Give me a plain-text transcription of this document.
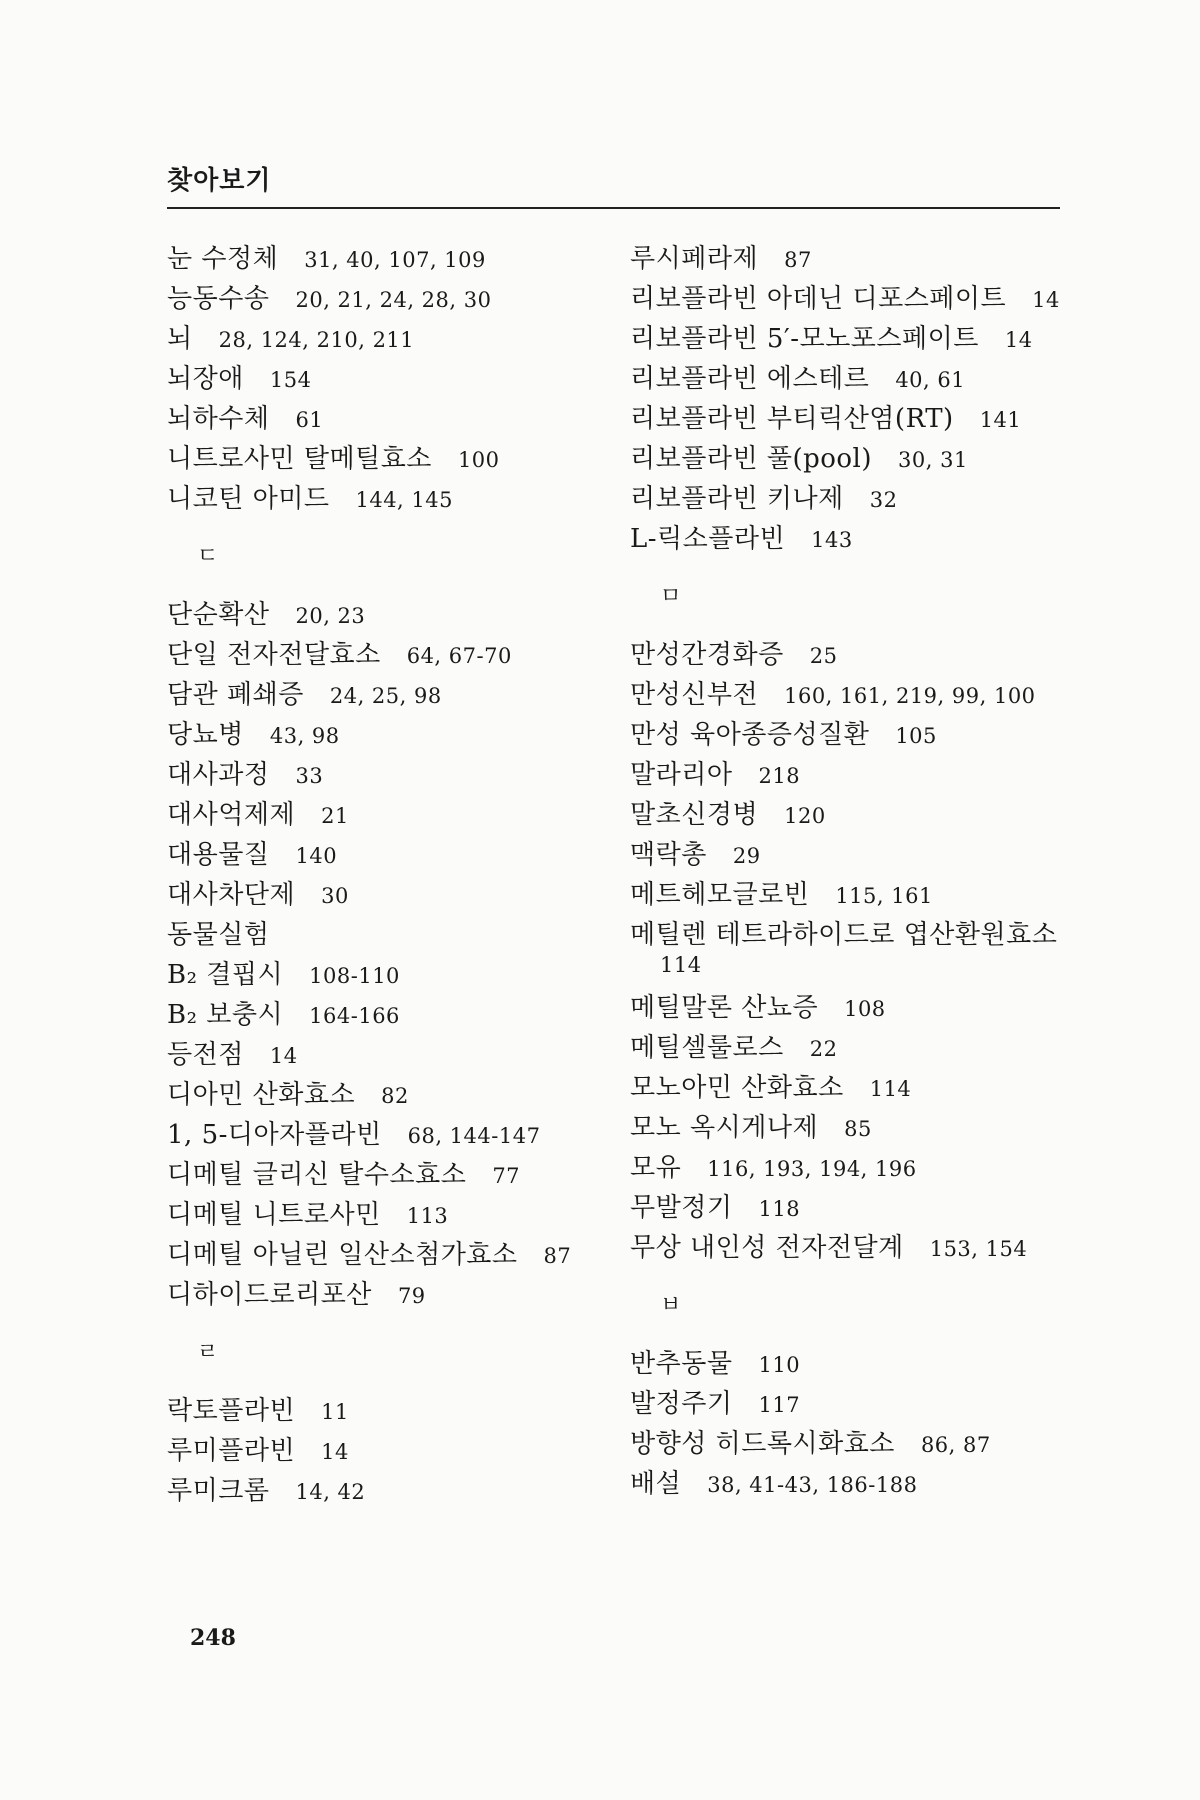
찾아보기
눈 수정체 31, 40, 107, 109
능동수송 20, 21, 24, 28, 30
뇌 28, 124, 210, 211
뇌장애 154
뇌하수체 61
니트로사민 탈메틸효소 100
니코틴 아미드 144, 145
ㄷ
단순확산 20, 23
단일 전자전달효소 64, 67-70
담관 폐쇄증 24, 25, 98
당뇨병 43, 98
대사과정 33
대사억제제 21
대용물질 140
대사차단제 30
동물실험
B₂ 결핍시 108-110
B₂ 보충시 164-166
등전점 14
디아민 산화효소 82
1, 5-디아자플라빈 68, 144-147
디메틸 글리신 탈수소효소 77
디메틸 니트로사민 113
디메틸 아닐린 일산소첨가효소 87
디하이드로리포산 79
ㄹ
락토플라빈 11
루미플라빈 14
루미크롬 14, 42
루시페라제 87
리보플라빈 아데닌 디포스페이트 14
리보플라빈 5′-모노포스페이트 14
리보플라빈 에스테르 40, 61
리보플라빈 부티릭산염(RT) 141
리보플라빈 풀(pool) 30, 31
리보플라빈 키나제 32
L-릭소플라빈 143
ㅁ
만성간경화증 25
만성신부전 160, 161, 219, 99, 100
만성 육아종증성질환 105
말라리아 218
말초신경병 120
맥락총 29
메트헤모글로빈 115, 161
메틸렌 테트라하이드로 엽산환원효소
114
메틸말론 산뇨증 108
메틸셀룰로스 22
모노아민 산화효소 114
모노 옥시게나제 85
모유 116, 193, 194, 196
무발정기 118
무상 내인성 전자전달계 153, 154
ㅂ
반추동물 110
발정주기 117
방향성 히드록시화효소 86, 87
배설 38, 41-43, 186-188
248
